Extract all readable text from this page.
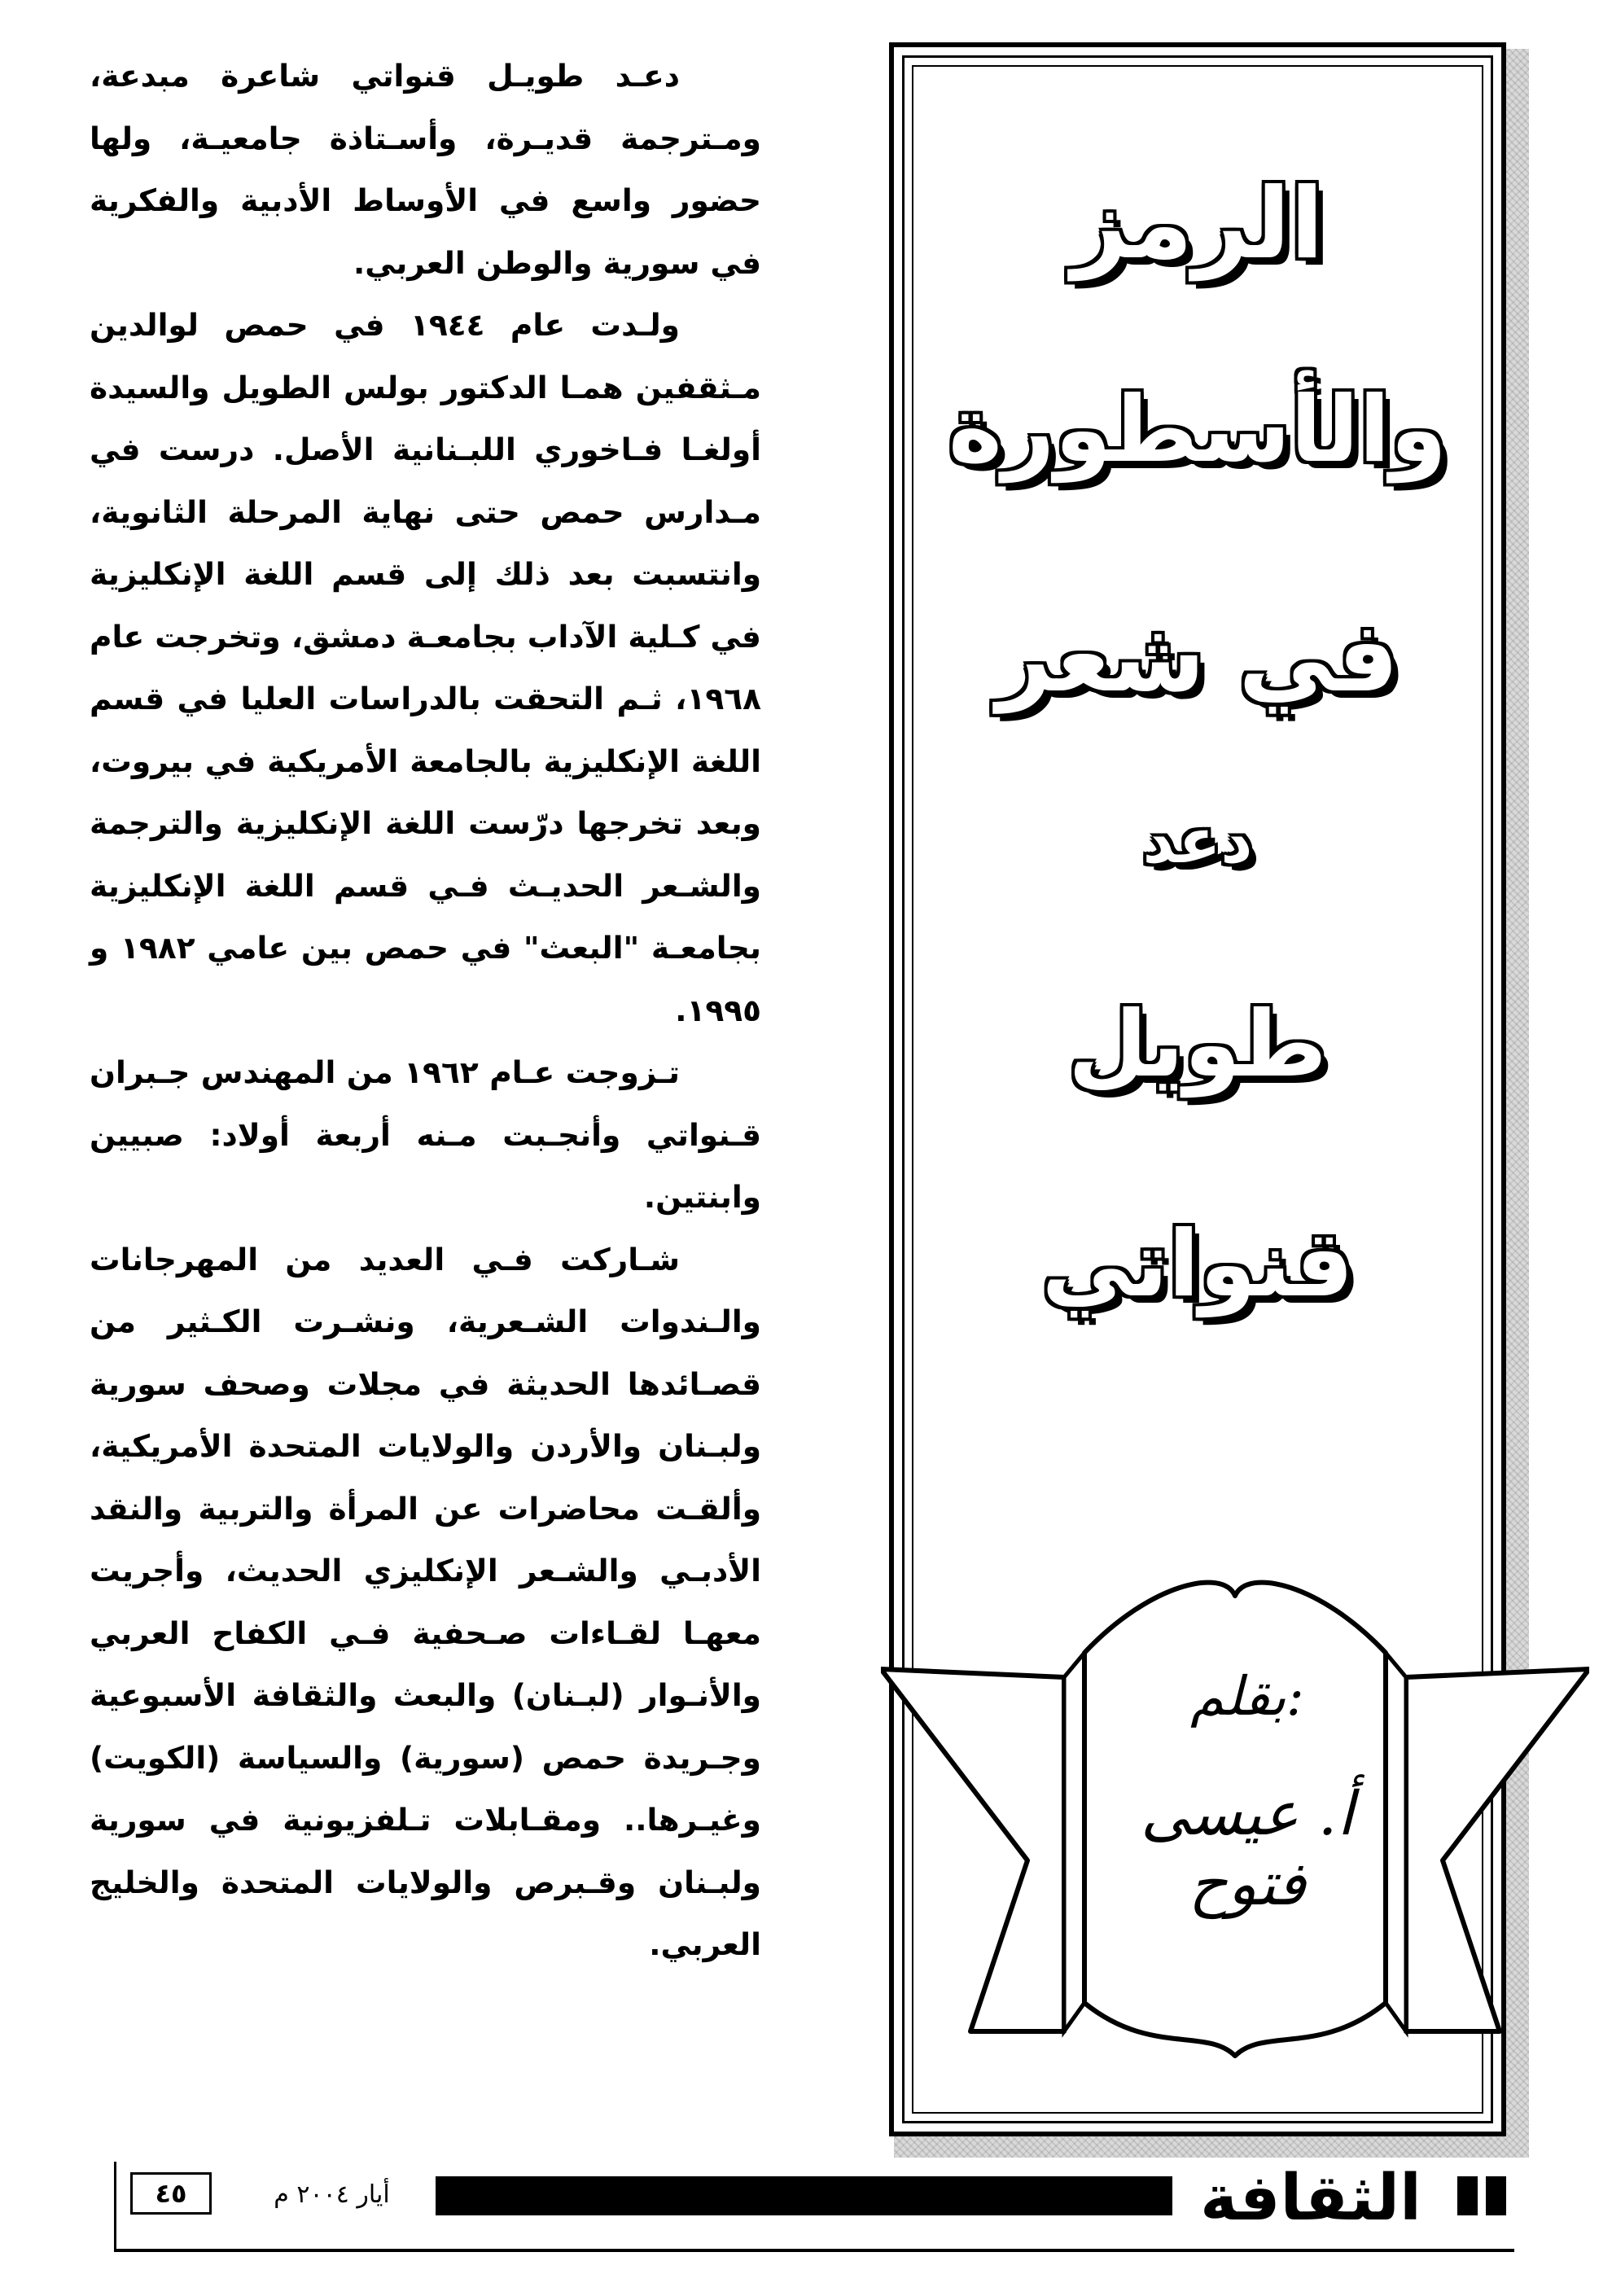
الرمز
والأسطورة
في شعر
دعد
طويل
قنواتي
بقلم:
أ. عيسى فتوح

دعـد طويـل قنواتي شاعرة مبدعة، ومـترجمة قديـرة، وأسـتاذة جامعيـة، ولها حضور واسع في الأوساط الأدبية والفكرية في سورية والوطن العربي.

ولـدت عام ١٩٤٤ في حمص لوالدين مـثقفين همـا الدكتور بولس الطويل والسيدة أولغـا فـاخوري اللبـنانية الأصل. درست في مـدارس حمص حتى نهاية المرحلة الثانوية، وانتسبت بعد ذلك إلى قسم اللغة الإنكليزية في كـلية الآداب بجامعـة دمشق، وتخرجت عام ١٩٦٨، ثـم التحقت بالدراسات العليا في قسم اللغة الإنكليزية بالجامعة الأمريكية في بيروت، وبعد تخرجها درّست اللغة الإنكليزية والترجمة والشـعر الحديـث فـي قسم اللغة الإنكليزية بجامعـة "البعث" في حمص بين عامي ١٩٨٢ و ١٩٩٥.

تـزوجت عـام ١٩٦٢ من المهندس جـبران قـنواتي وأنجـبت مـنه أربعة أولاد: صبيين وابنتين.

شـاركت فـي العديد من المهرجانات والـندوات الشـعرية، ونشـرت الكـثير من قصـائدها الحديثة في مجلات وصحف سورية ولبـنان والأردن والولايات المتحدة الأمريكية، وألقـت محاضرات عن المرأة والتربية والنقد الأدبـي والشـعر الإنكليزي الحديث، وأجريت معهـا لقـاءات صـحفية فـي الكفاح العربي والأنـوار (لبـنان) والبعث والثقافة الأسبوعية وجـريدة حمص (سورية) والسياسة (الكويت) وغيـرها.. ومقـابلات تـلفزيونية في سورية ولبـنان وقـبرص والولايات المتحدة والخليج العربي.

الثقافة
أيار ٢٠٠٤ م
٤٥
